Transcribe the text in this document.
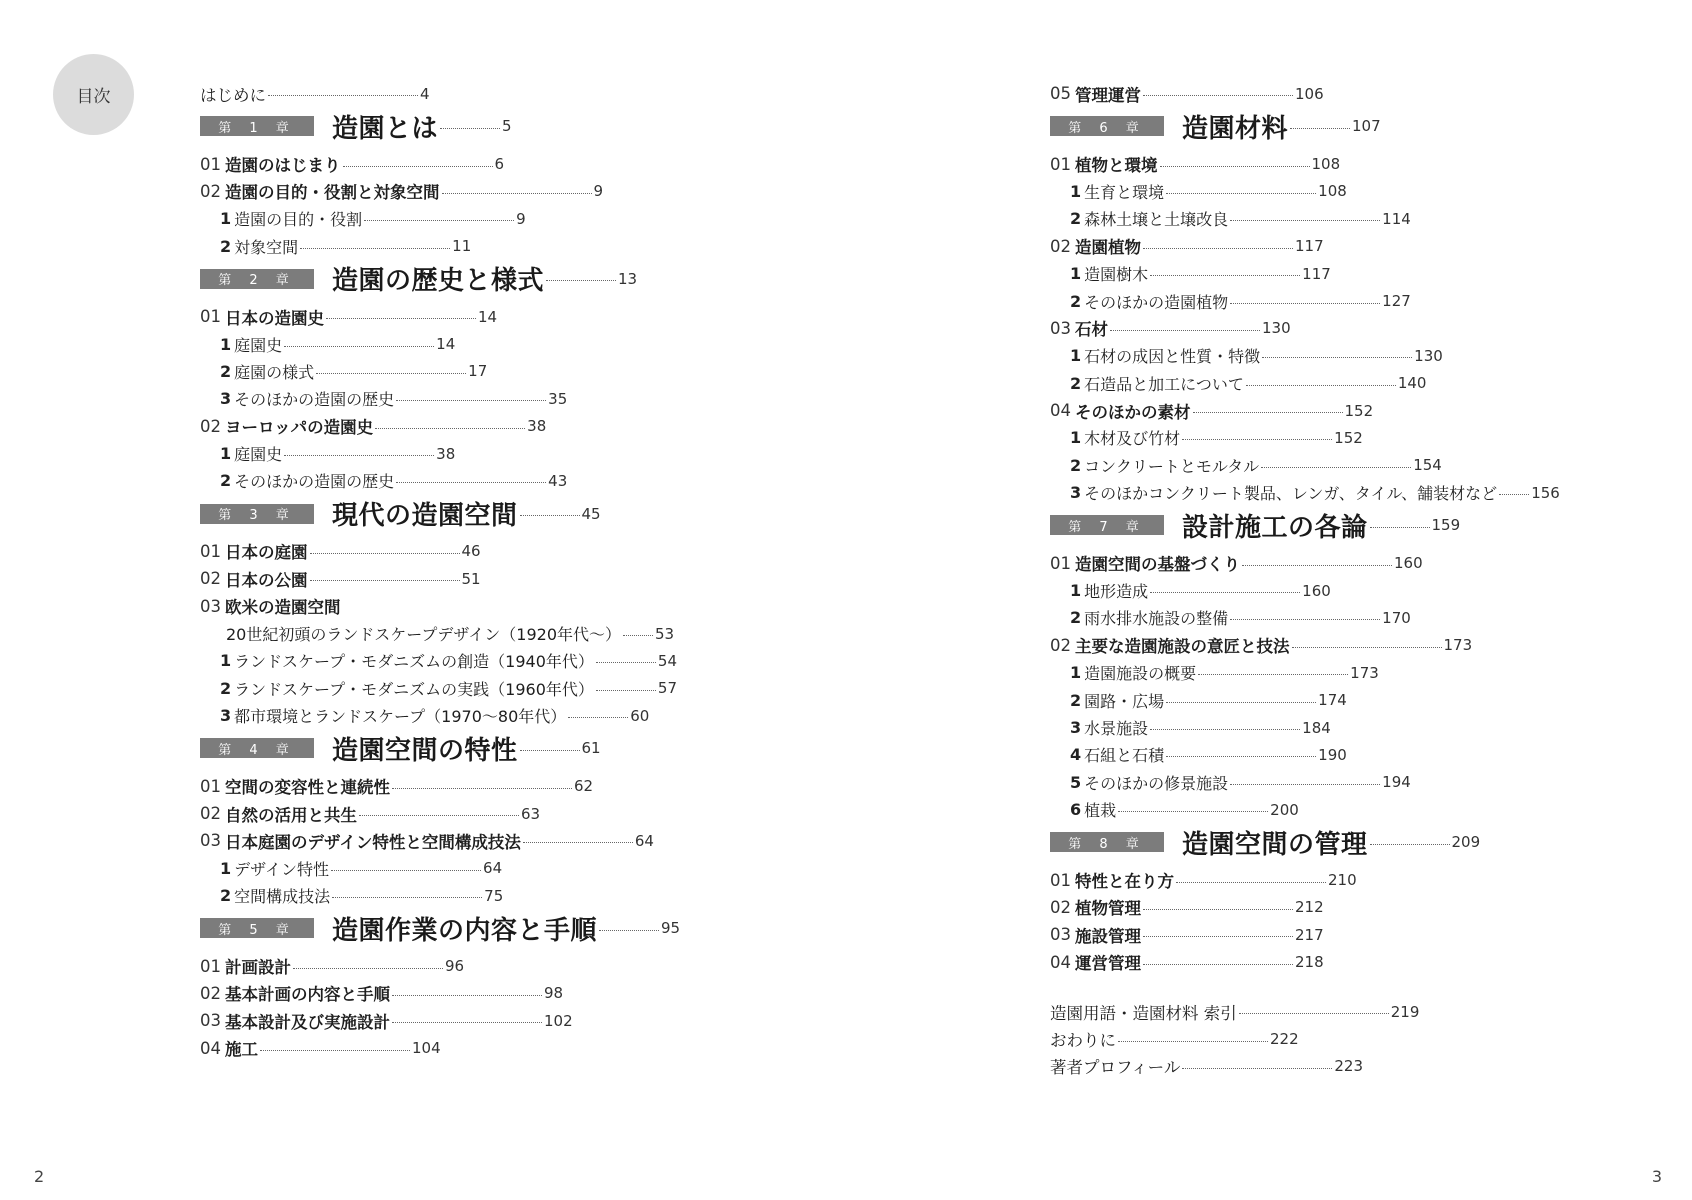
目次	はじめに	4
第 1 章	造園とは	5
01 造園のはじまり	6
02 造園の目的・役割と対象空間	9
1 造園の目的・役割	9
2 対象空間	11
第 2 章	造園の歴史と様式	13
01 日本の造園史	14
1 庭園史	14
2 庭園の様式	17
3 そのほかの造園の歴史	35
02 ヨーロッパの造園史	38
1 庭園史	38
2 そのほかの造園の歴史	43
第 3 章	現代の造園空間	45
01 日本の庭園	46
02 日本の公園	51
03 欧米の造園空間
20世紀初頭のランドスケープデザイン（1920年代～） 53
1 ランドスケープ・モダニズムの創造（1940年代）	54
2 ランドスケープ・モダニズムの実践（1960年代）	57
3 都市環境とランドスケープ（1970～80年代）	60
第 4 章	造園空間の特性	61
01 空間の変容性と連続性	62
02 自然の活用と共生	63
03 日本庭園のデザイン特性と空間構成技法	64
1 デザイン特性	64
2 空間構成技法	75
第 5 章	造園作業の内容と手順	95
01 計画設計	96
02 基本計画の内容と手順	98
03 基本設計及び実施設計	102
04 施工	104
05 管理運営	106
第 6 章	造園材料	107
01 植物と環境	108
1 生育と環境	108
2 森林土壌と土壌改良	114
02 造園植物	117
1 造園樹木	117
2 そのほかの造園植物	127
03 石材	130
1 石材の成因と性質・特徴	130
2 石造品と加工について	140
04 そのほかの素材	152
1 木材及び竹材	152
2 コンクリートとモルタル	154
3 そのほかコンクリート製品、レンガ、タイル、舗装材など 156
第 7 章	設計施工の各論	159
01 造園空間の基盤づくり	160
1 地形造成	160
2 雨水排水施設の整備	170
02 主要な造園施設の意匠と技法	173
1 造園施設の概要	173
2 園路・広場	174
3 水景施設	184
4 石組と石積	190
5 そのほかの修景施設	194
6 植栽	200
第 8 章	造園空間の管理	209
01 特性と在り方	210
02 植物管理	212
03 施設管理	217
04 運営管理	218
造園用語・造園材料 索引	219
おわりに	222
著者プロフィール	223
2	3
